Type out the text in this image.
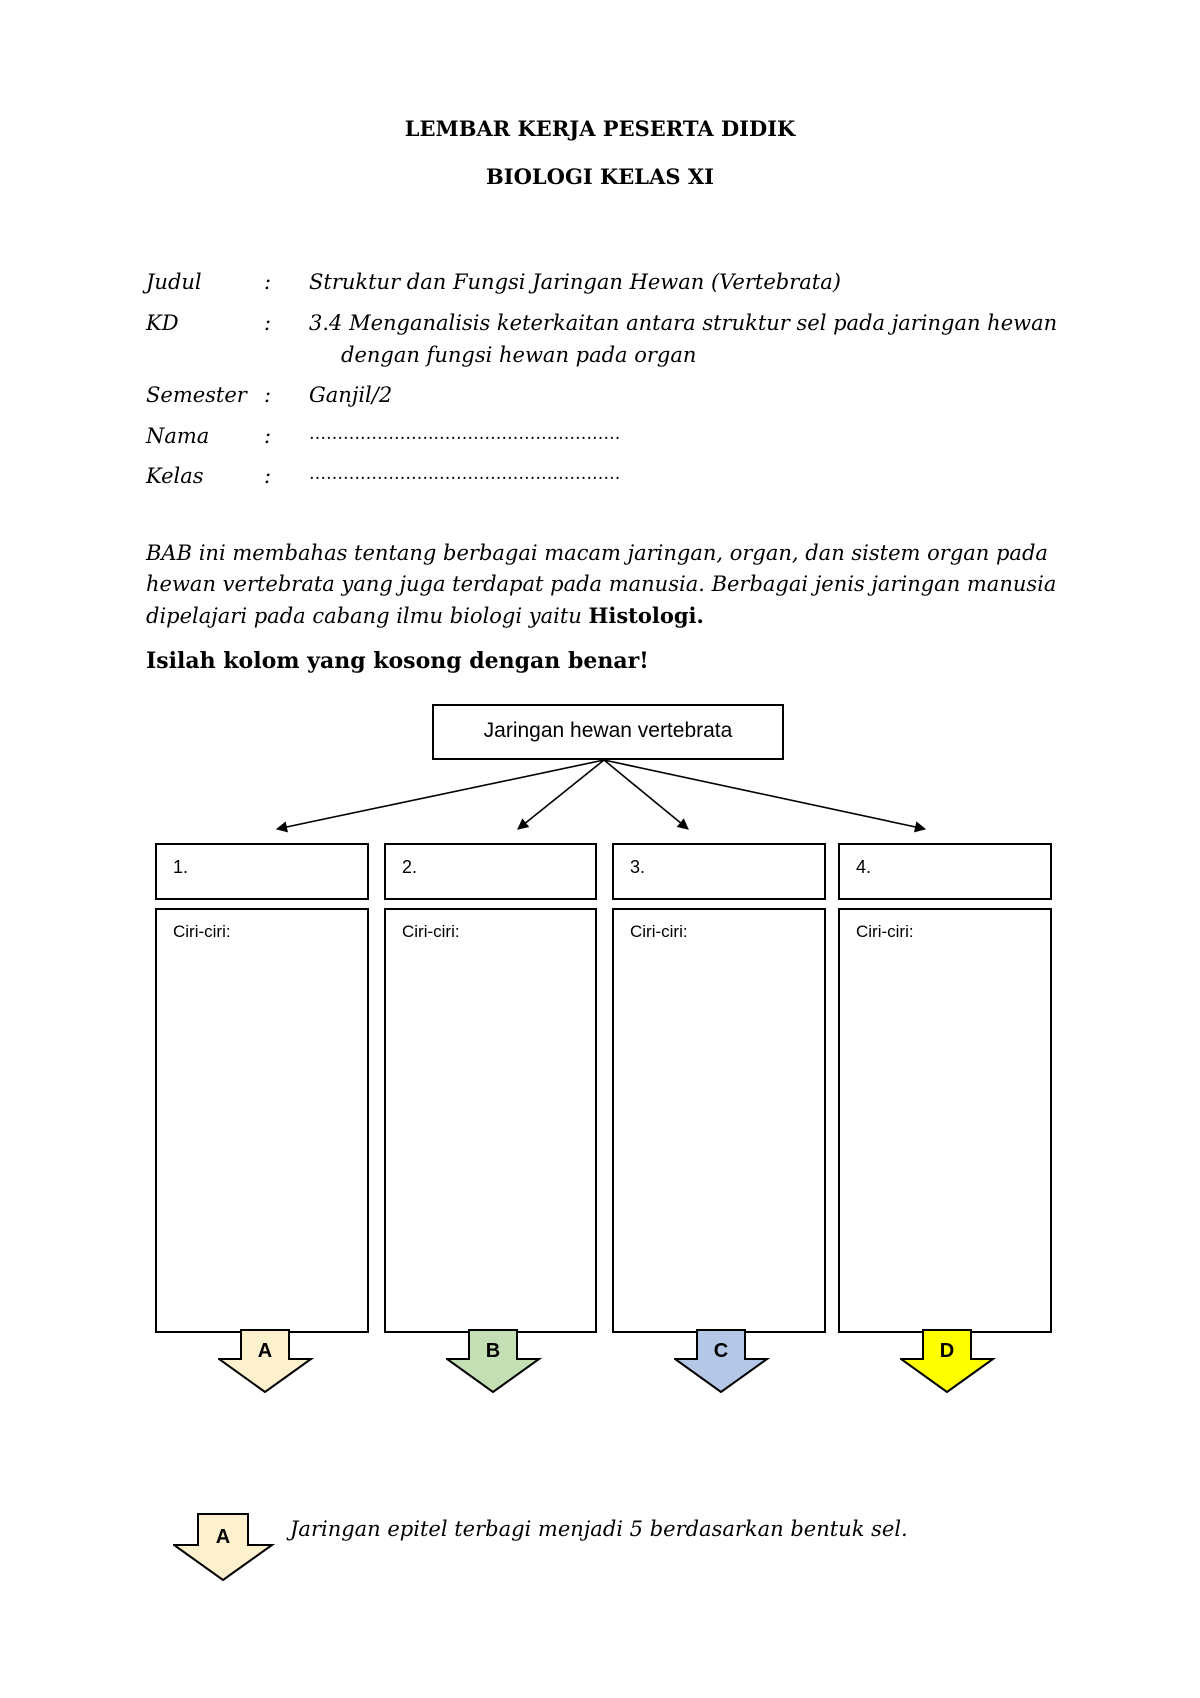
LEMBAR KERJA PESERTA DIDIK
BIOLOGI KELAS XI
Judul	: Struktur dan Fungsi Jaringan Hewan (Vertebrata)
KD	: 3.4 Menganalisis keterkaitan antara struktur sel pada jaringan hewan
dengan fungsi hewan pada organ
Semester : Ganjil/2
Nama	: ………………….……………………………
Kelas	: ………………….……………………………
BAB ini membahas tentang berbagai macam jaringan, organ, dan sistem organ pada hewan vertebrata yang juga terdapat pada manusia. Berbagai jenis jaringan manusia dipelajari pada cabang ilmu biologi yaitu Histologi.
Isilah kolom yang kosong dengan benar!
Jaringan hewan vertebrata
1.
Ciri-ciri:
2.
Ciri-ciri:
3.
Ciri-ciri:
4.
Ciri-ciri:
A	B	C	D
A	Jaringan epitel terbagi menjadi 5 berdasarkan bentuk sel.
